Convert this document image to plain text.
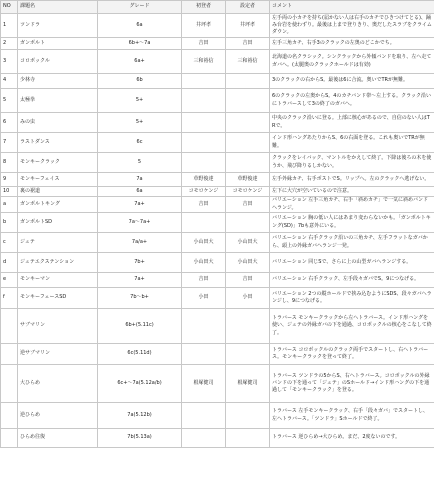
NO	課題名	グレード	初登者	設定者	コメント
1	ツンドラ	6a	井坪孝	井坪孝	左手両の小カチを持ち(届かない人は右手のカチでひきつけてとる)、踊み台岩を使わずり。最後は上まで登りきり、奥だしたスラブをクライムダウン。
2	ガンボルト	6b+〜7a	吉田	吉田	左手三角カチ、右手3のクラックの左奥のどこかでち。
3	コロボックル	6a+	三和裕信	三和裕信	北海道の名クラシック。シンクラックから外傾バンドを取り、左へ走てガバへ。(太腿奥のクラックホールドは有効)
4	少林寺	6b			3のクラックの右からS。最後は6に合流。奥いでTRが無難。
5	太極拳	5+			6のクラックの左奥からS。4のカチバンド帯〜左上する。クラック沿いにトラバースして3の終了のガバへ。
6	みの虫	5+			中央のクラック沿いに登る。上部に核心があるので、自信のない人はTRで。
7	ラストダンス	6c			インド形ハングあたりからS、6の右面を登る。これも奥いでTRが無難。
8	モンキークラック	5			クラックをレイバック、マントルをかえして終了。下降は後ろの木を使うか、飛び降りるしかない。
9	モンキーフェイス	7a	草野俊達	草野俊達	左手外縁カチ、右手ポストでS。リップへ。左のクラックへ逃げない。
10	裏の裾道	6a	コモロケンジ	コモロケンジ	左下に大穴が空いているので注意。
a	ガンボルトキング	7a+	吉田	吉田	バリエーション 左手三角カチ、右手「斜めカチ」で一気に斜めバンドへランジ。
b	ガンボルトSD	7a〜7a+			バリエーション 胸の低い人にはあまり変わらないかも。「ガンボルトキング(SD)」7bも意外にいる。
c	ジュテ	7a/a+	小山田大	小山田大	バリエーション 右手クラック沿いの三角カチ、左手フラットなガバから、頭上の外縁ガバへランジ一発。
d	ジュテエクステンション	7b+	小山田大	小山田大	バリエーション 同じSで、さらに上の山型ガバへランジする。
e	モンキーマン	7a+	吉田	吉田	バリエーション 右手クラック、左手段々ガバでS。9につなげる。
f	モンキーフェースSD	7b〜b+	小田	小田	バリエーション 2つの縦ホールドで挟み込むようにSDS、段々ガバへランジし、9につなげる。
	サブマリン	6b+(5.11c)			トラバース モンキークラックから左へトラバース。インド形ハングを使い、ジュテの外縁ガバの下を通過、コロボックルの核心をこなして終了。
	逆サブマリン	6c(5.11d)			トラバース コロボックルのクラック両手でスタートし、右へトラバース。モンキークラックを登って終了。
	大ひらめ	6c+〜7a(5.12a/b)	根塚健司	根塚健司	トラバース ツンドラの5からS、右へトラバース。コロボックルの外縁バンドの下を通って「ジュテ」のSホールド→インド形ハングの下を通過して「モンキークラック」を登る。
	逆ひらめ	7a(5.12b)			トラバース 左手モンキークラック、右手「段々ガバ」でスタートし、左へトラバース。「ツンドラ」Sホールドで終了。
	ひらめ往復	7b(5.13a)			トラバース 逆ひらめ→大ひらめ。まだ、2度ないのです。
